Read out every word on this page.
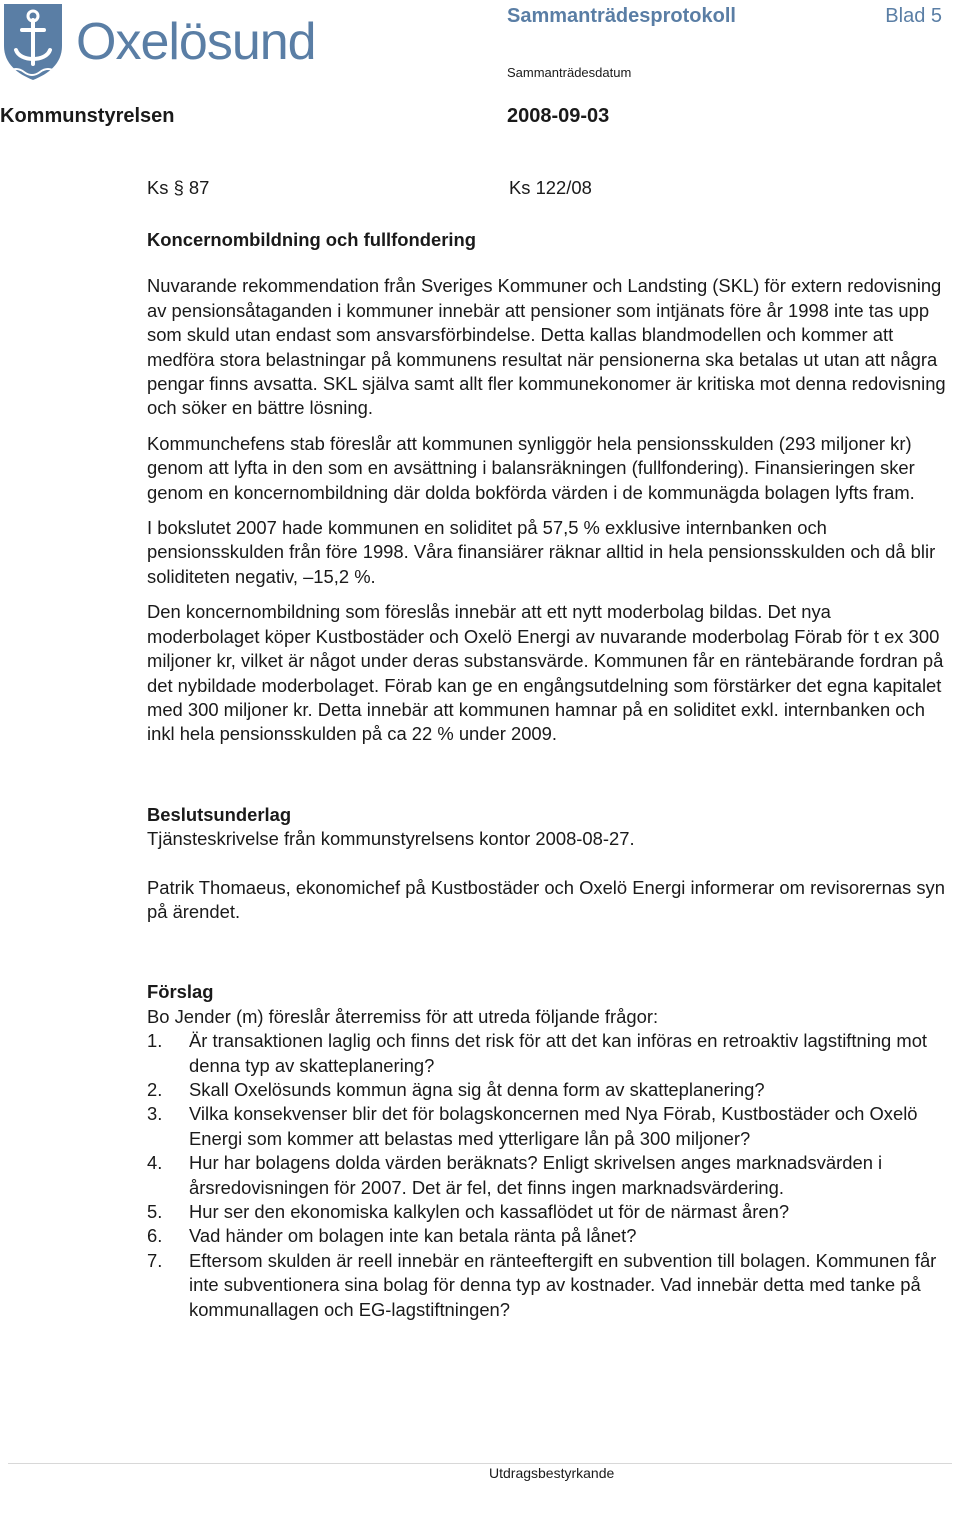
Oxelösund	Sammanträdesprotokoll	Blad 5
Sammanträdesdatum
Kommunstyrelsen	2008-09-03
Ks § 87	Ks 122/08
Koncernombildning och fullfondering

Nuvarande rekommendation från Sveriges Kommuner och Landsting (SKL) för extern redovisning av pensionsåtaganden i kommuner innebär att pensioner som intjänats före år 1998 inte tas upp som skuld utan endast som ansvarsförbindelse. Detta kallas blandmodellen och kommer att medföra stora belastningar på kommunens resultat när pensionerna ska betalas ut utan att några pengar finns avsatta. SKL själva samt allt fler kommunekonomer är kritiska mot denna redovisning och söker en bättre lösning.

Kommunchefens stab föreslår att kommunen synliggör hela pensionsskulden (293 miljoner kr) genom att lyfta in den som en avsättning i balansräkningen (fullfondering). Finansieringen sker genom en koncernombildning där dolda bokförda värden i de kommunägda bolagen lyfts fram.

I bokslutet 2007 hade kommunen en soliditet på 57,5 % exklusive internbanken och pensionsskulden från före 1998. Våra finansiärer räknar alltid in hela pensionsskulden och då blir soliditeten negativ, –15,2 %.

Den koncernombildning som föreslås innebär att ett nytt moderbolag bildas. Det nya moderbolaget köper Kustbostäder och Oxelö Energi av nuvarande moderbolag Förab för t ex 300 miljoner kr, vilket är något under deras substansvärde. Kommunen får en räntebärande fordran på det nybildade moderbolaget. Förab kan ge en engångsutdelning som förstärker det egna kapitalet med 300 miljoner kr. Detta innebär att kommunen hamnar på en soliditet exkl. internbanken och inkl hela pensionsskulden på ca 22 % under 2009.

Beslutsunderlag

Tjänsteskrivelse från kommunstyrelsens kontor 2008-08-27.

Patrik Thomaeus, ekonomichef på Kustbostäder och Oxelö Energi informerar om revisorernas syn på ärendet.

Förslag

Bo Jender (m) föreslår återremiss för att utreda följande frågor:

1. Är transaktionen laglig och finns det risk för att det kan införas en retroaktiv lagstiftning mot denna typ av skatteplanering?
2. Skall Oxelösunds kommun ägna sig åt denna form av skatteplanering?
3. Vilka konsekvenser blir det för bolagskoncernen med Nya Förab, Kustbostäder och Oxelö Energi som kommer att belastas med ytterligare lån på 300 miljoner?
4. Hur har bolagens dolda värden beräknats? Enligt skrivelsen anges marknadsvärden i årsredovisningen för 2007. Det är fel, det finns ingen marknadsvärdering.
5. Hur ser den ekonomiska kalkylen och kassaflödet ut för de närmast åren?
6. Vad händer om bolagen inte kan betala ränta på lånet?
7. Eftersom skulden är reell innebär en ränteeftergift en subvention till bolagen. Kommunen får inte subventionera sina bolag för denna typ av kostnader. Vad innebär detta med tanke på kommunallagen och EG-lagstiftningen?
Utdragsbestyrkande
